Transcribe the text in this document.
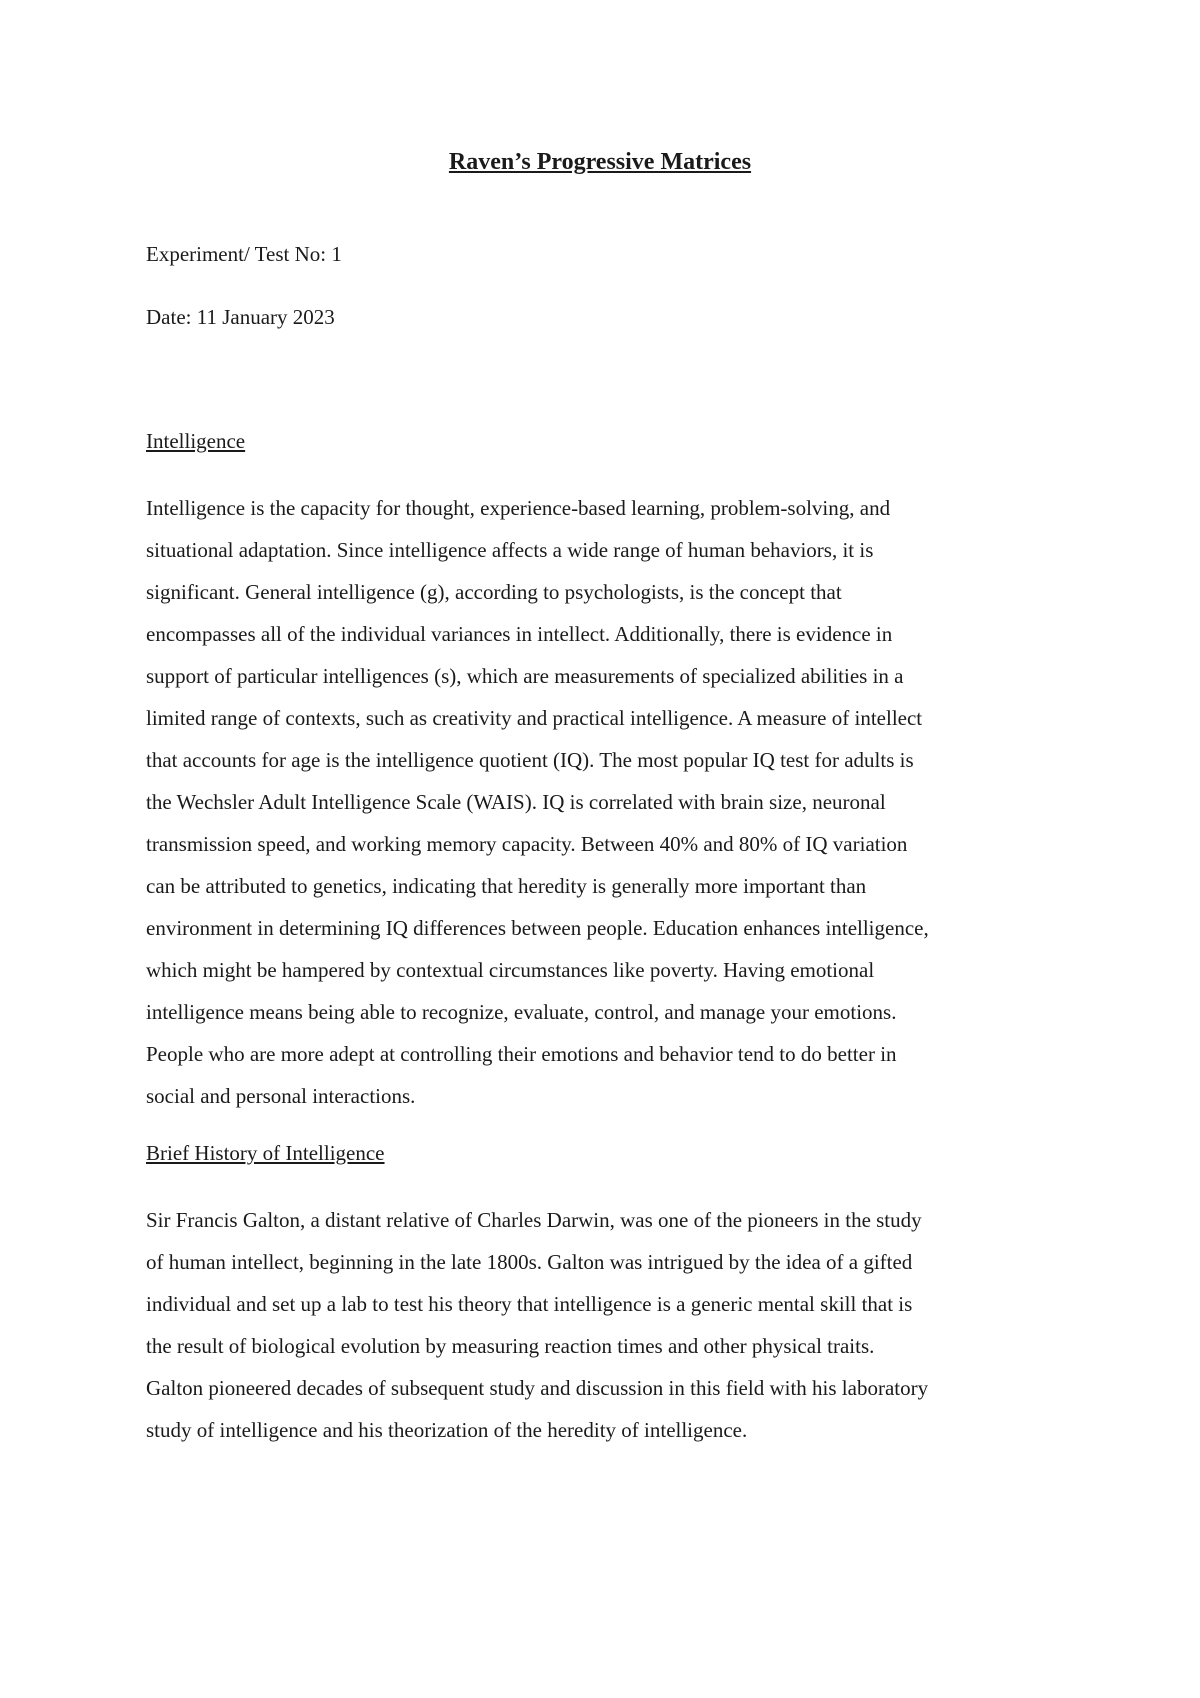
Raven’s Progressive Matrices

Experiment/ Test No: 1

Date: 11 January 2023

Intelligence

Intelligence is the capacity for thought, experience-based learning, problem-solving, and
situational adaptation. Since intelligence affects a wide range of human behaviors, it is
significant. General intelligence (g), according to psychologists, is the concept that
encompasses all of the individual variances in intellect. Additionally, there is evidence in
support of particular intelligences (s), which are measurements of specialized abilities in a
limited range of contexts, such as creativity and practical intelligence. A measure of intellect
that accounts for age is the intelligence quotient (IQ). The most popular IQ test for adults is
the Wechsler Adult Intelligence Scale (WAIS). IQ is correlated with brain size, neuronal
transmission speed, and working memory capacity. Between 40% and 80% of IQ variation
can be attributed to genetics, indicating that heredity is generally more important than
environment in determining IQ differences between people. Education enhances intelligence,
which might be hampered by contextual circumstances like poverty. Having emotional
intelligence means being able to recognize, evaluate, control, and manage your emotions.
People who are more adept at controlling their emotions and behavior tend to do better in
social and personal interactions.

Brief History of Intelligence

Sir Francis Galton, a distant relative of Charles Darwin, was one of the pioneers in the study
of human intellect, beginning in the late 1800s. Galton was intrigued by the idea of a gifted
individual and set up a lab to test his theory that intelligence is a generic mental skill that is
the result of biological evolution by measuring reaction times and other physical traits.
Galton pioneered decades of subsequent study and discussion in this field with his laboratory
study of intelligence and his theorization of the heredity of intelligence.
